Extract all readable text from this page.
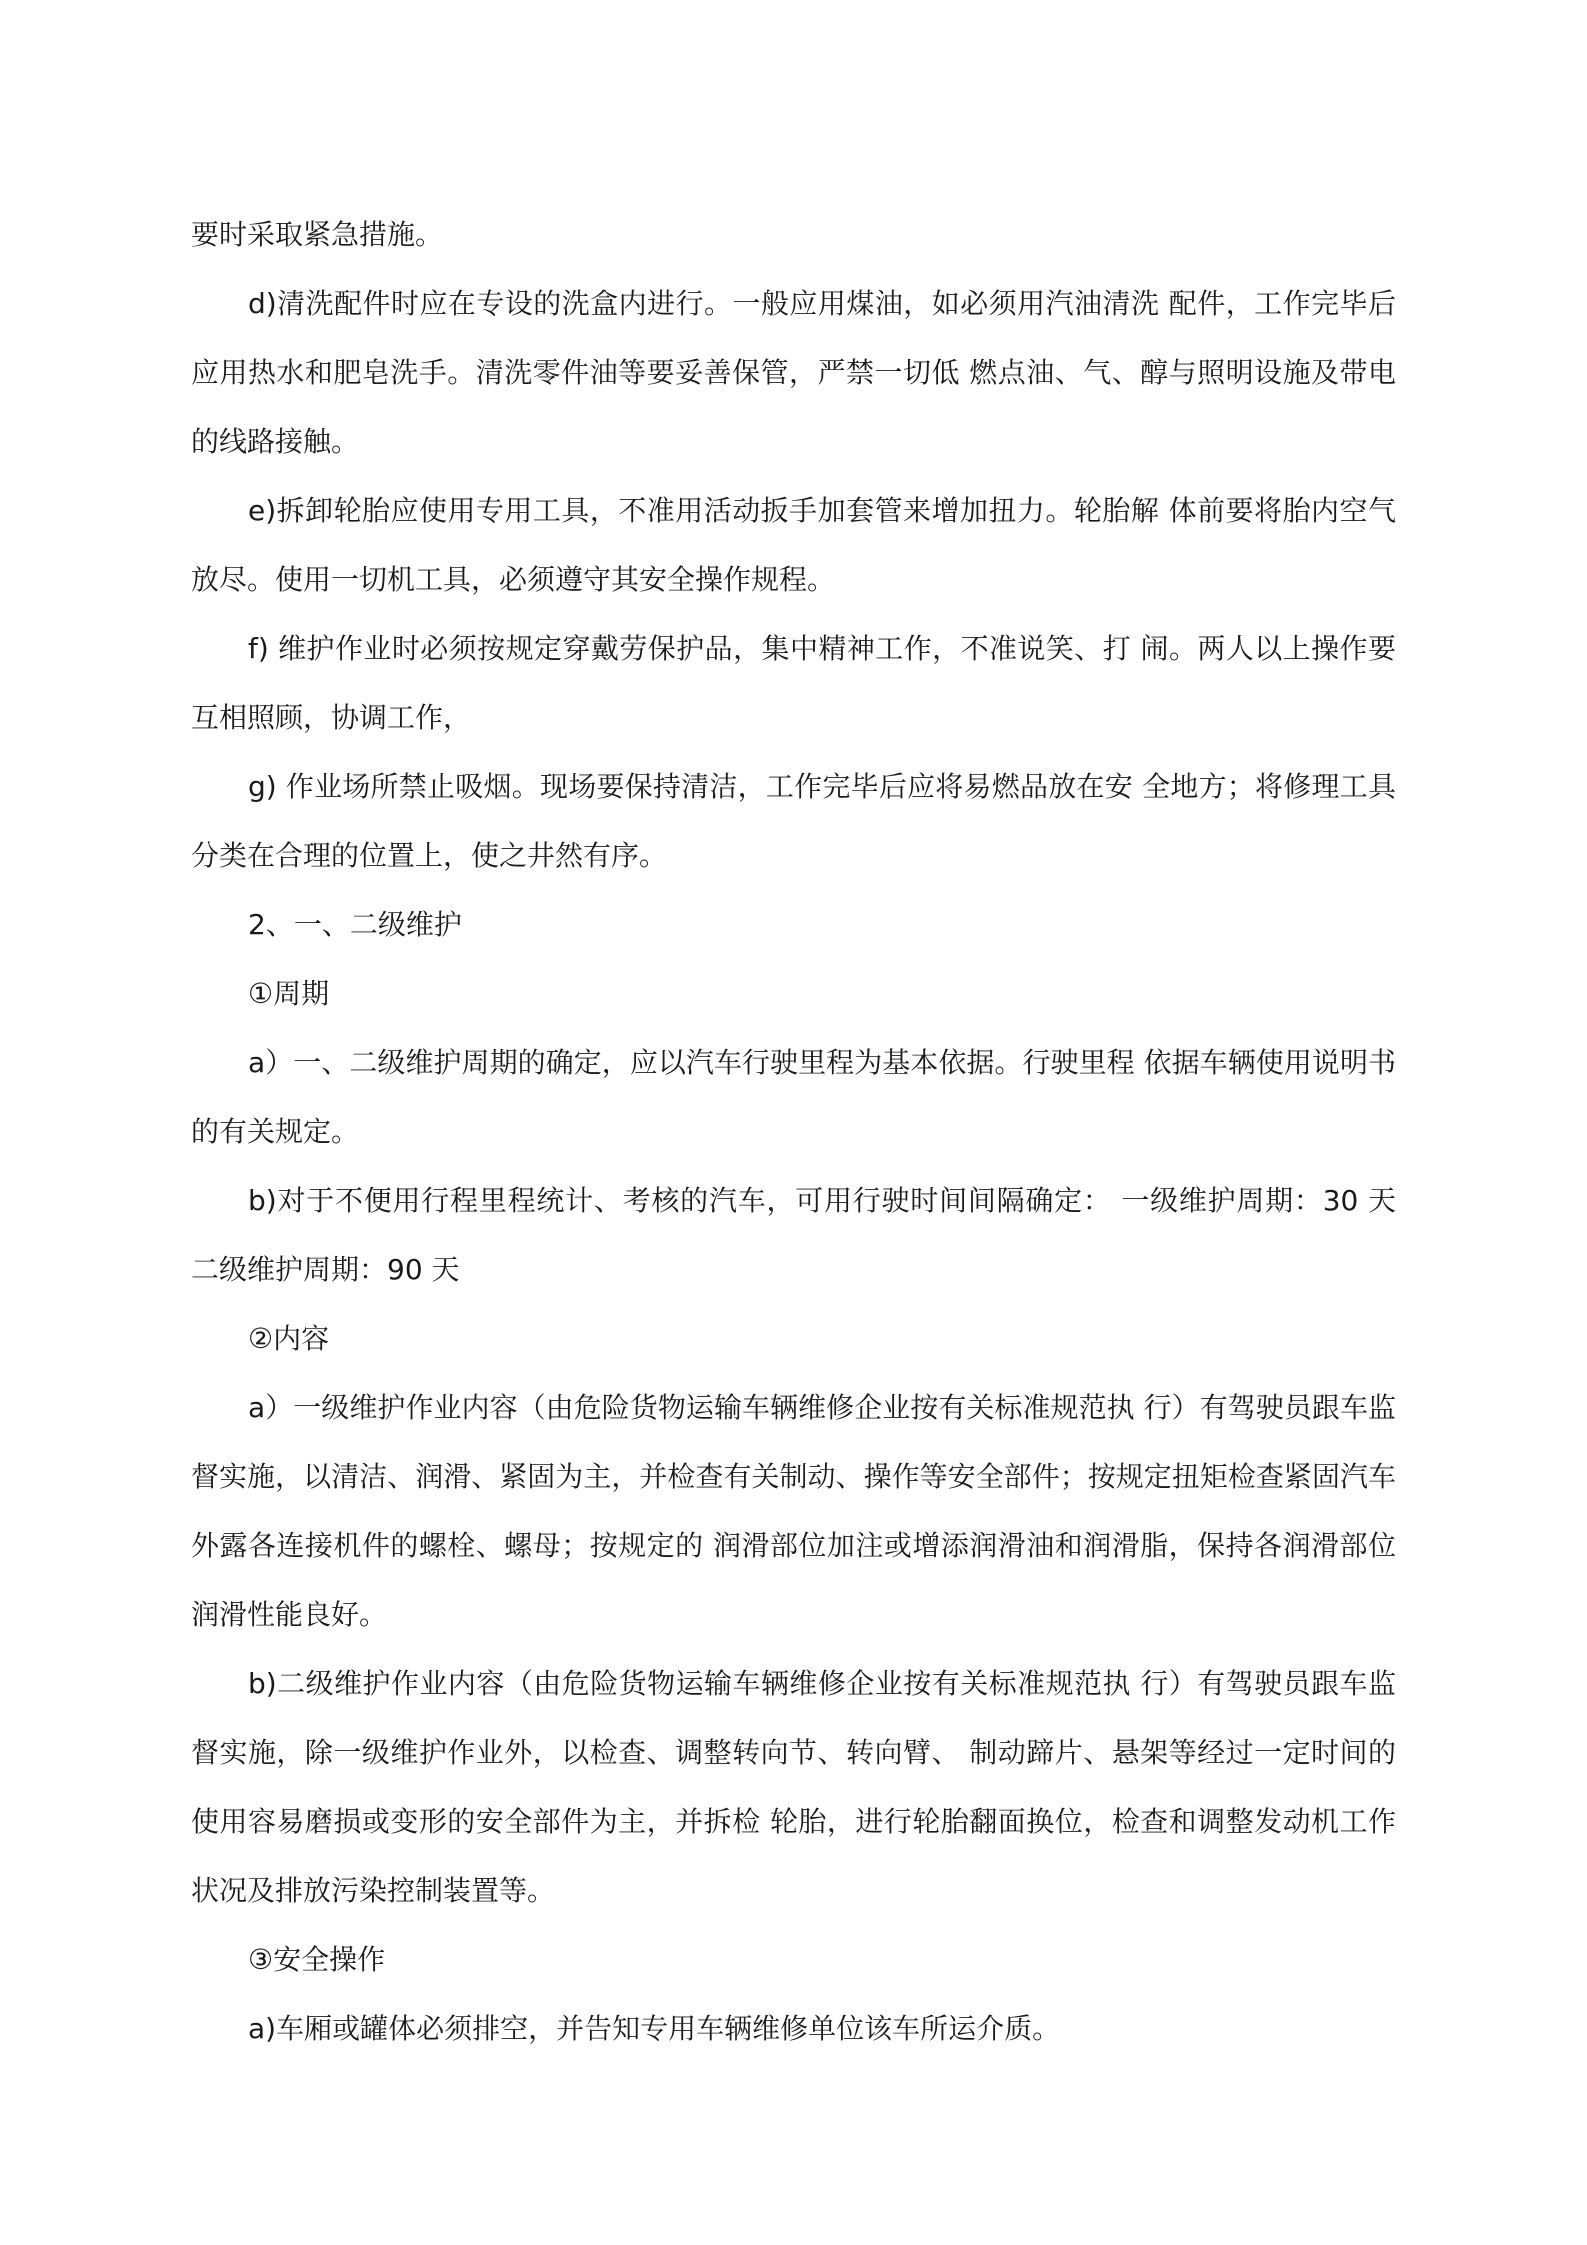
要时采取紧急措施。

d)清洗配件时应在专设的洗盒内进行。一般应用煤油，如必须用汽油清洗 配件，工作完毕后应用热水和肥皂洗手。清洗零件油等要妥善保管，严禁一切低 燃点油、气、醇与照明设施及带电的线路接触。

e)拆卸轮胎应使用专用工具，不准用活动扳手加套管来增加扭力。轮胎解 体前要将胎内空气放尽。使用一切机工具，必须遵守其安全操作规程。

f) 维护作业时必须按规定穿戴劳保护品，集中精神工作，不准说笑、打 闹。两人以上操作要互相照顾，协调工作，

g) 作业场所禁止吸烟。现场要保持清洁，工作完毕后应将易燃品放在安 全地方；将修理工具分类在合理的位置上，使之井然有序。

2、一、二级维护

①周期

a）一、二级维护周期的确定，应以汽车行驶里程为基本依据。行驶里程 依据车辆使用说明书的有关规定。

b)对于不便用行程里程统计、考核的汽车，可用行驶时间间隔确定： 一级维护周期：30 天 二级维护周期：90 天

②内容

a）一级维护作业内容（由危险货物运输车辆维修企业按有关标准规范执 行）有驾驶员跟车监督实施，以清洁、润滑、紧固为主，并检查有关制动、操作等安全部件；按规定扭矩检查紧固汽车外露各连接机件的螺栓、螺母；按规定的 润滑部位加注或增添润滑油和润滑脂，保持各润滑部位润滑性能良好。

b)二级维护作业内容（由危险货物运输车辆维修企业按有关标准规范执 行）有驾驶员跟车监督实施，除一级维护作业外，以检查、调整转向节、转向臂、 制动蹄片、悬架等经过一定时间的使用容易磨损或变形的安全部件为主，并拆检 轮胎，进行轮胎翻面换位，检查和调整发动机工作状况及排放污染控制装置等。

③安全操作

a)车厢或罐体必须排空，并告知专用车辆维修单位该车所运介质。
